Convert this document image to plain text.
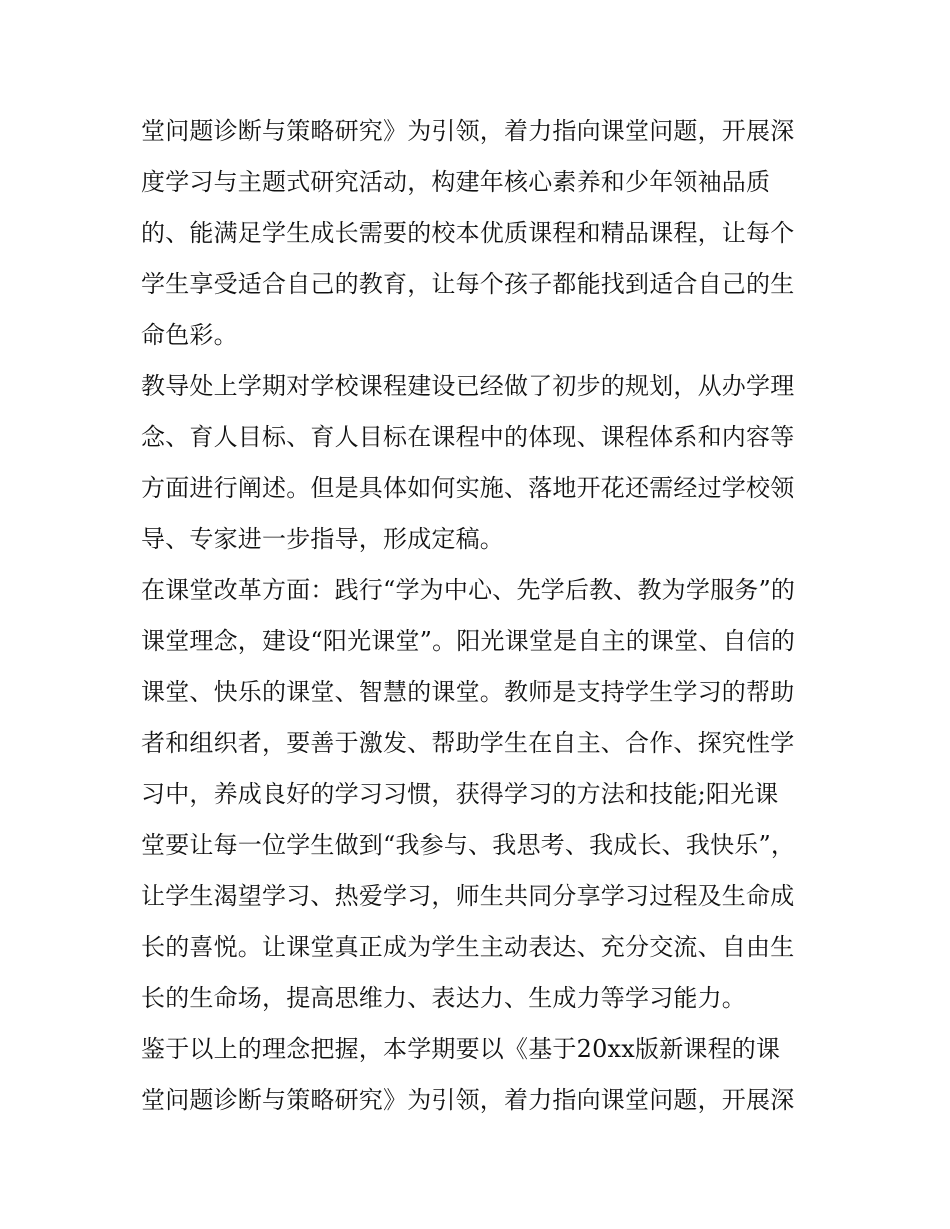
堂问题诊断与策略研究》为引领，着力指向课堂问题，开展深
度学习与主题式研究活动，构建年核心素养和少年领袖品质
的、能满足学生成长需要的校本优质课程和精品课程，让每个
学生享受适合自己的教育，让每个孩子都能找到适合自己的生
命色彩。
教导处上学期对学校课程建设已经做了初步的规划，从办学理
念、育人目标、育人目标在课程中的体现、课程体系和内容等
方面进行阐述。但是具体如何实施、落地开花还需经过学校领
导、专家进一步指导，形成定稿。
在课堂改革方面：践行“学为中心、先学后教、教为学服务”的
课堂理念，建设“阳光课堂”。阳光课堂是自主的课堂、自信的
课堂、快乐的课堂、智慧的课堂。教师是支持学生学习的帮助
者和组织者，要善于激发、帮助学生在自主、合作、探究性学
习中，养成良好的学习习惯，获得学习的方法和技能;阳光课
堂要让每一位学生做到“我参与、我思考、我成长、我快乐”，
让学生渴望学习、热爱学习，师生共同分享学习过程及生命成
长的喜悦。让课堂真正成为学生主动表达、充分交流、自由生
长的生命场，提高思维力、表达力、生成力等学习能力。
鉴于以上的理念把握，本学期要以《基于20xx版新课程的课
堂问题诊断与策略研究》为引领，着力指向课堂问题，开展深
